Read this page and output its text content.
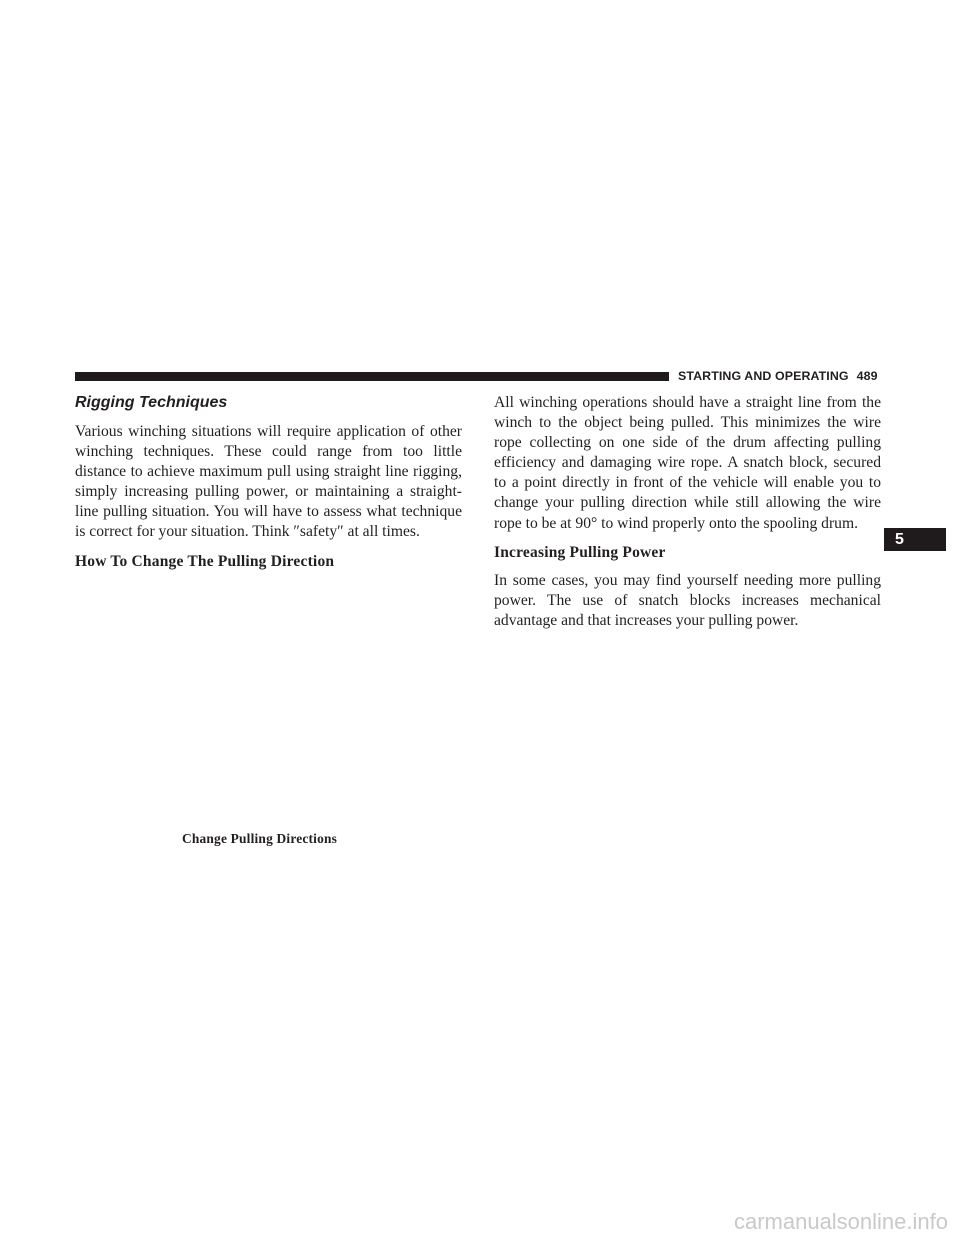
STARTING AND OPERATING 489
Rigging Techniques

Various winching situations will require application of other winching techniques. These could range from too little distance to achieve maximum pull using straight line rigging, simply increasing pulling power, or maintaining a straight-line pulling situation. You will have to assess what technique is correct for your situation. Think ″safety″ at all times.

How To Change The Pulling Direction
Change Pulling Directions

All winching operations should have a straight line from the winch to the object being pulled. This minimizes the wire rope collecting on one side of the drum affecting pulling efficiency and damaging wire rope. A snatch block, secured to a point directly in front of the vehicle will enable you to change your pulling direction while still allowing the wire rope to be at 90° to wind properly onto the spooling drum.

Increasing Pulling Power

In some cases, you may find yourself needing more pulling power. The use of snatch blocks increases mechanical advantage and that increases your pulling power.

5
carmanualsonline.info
